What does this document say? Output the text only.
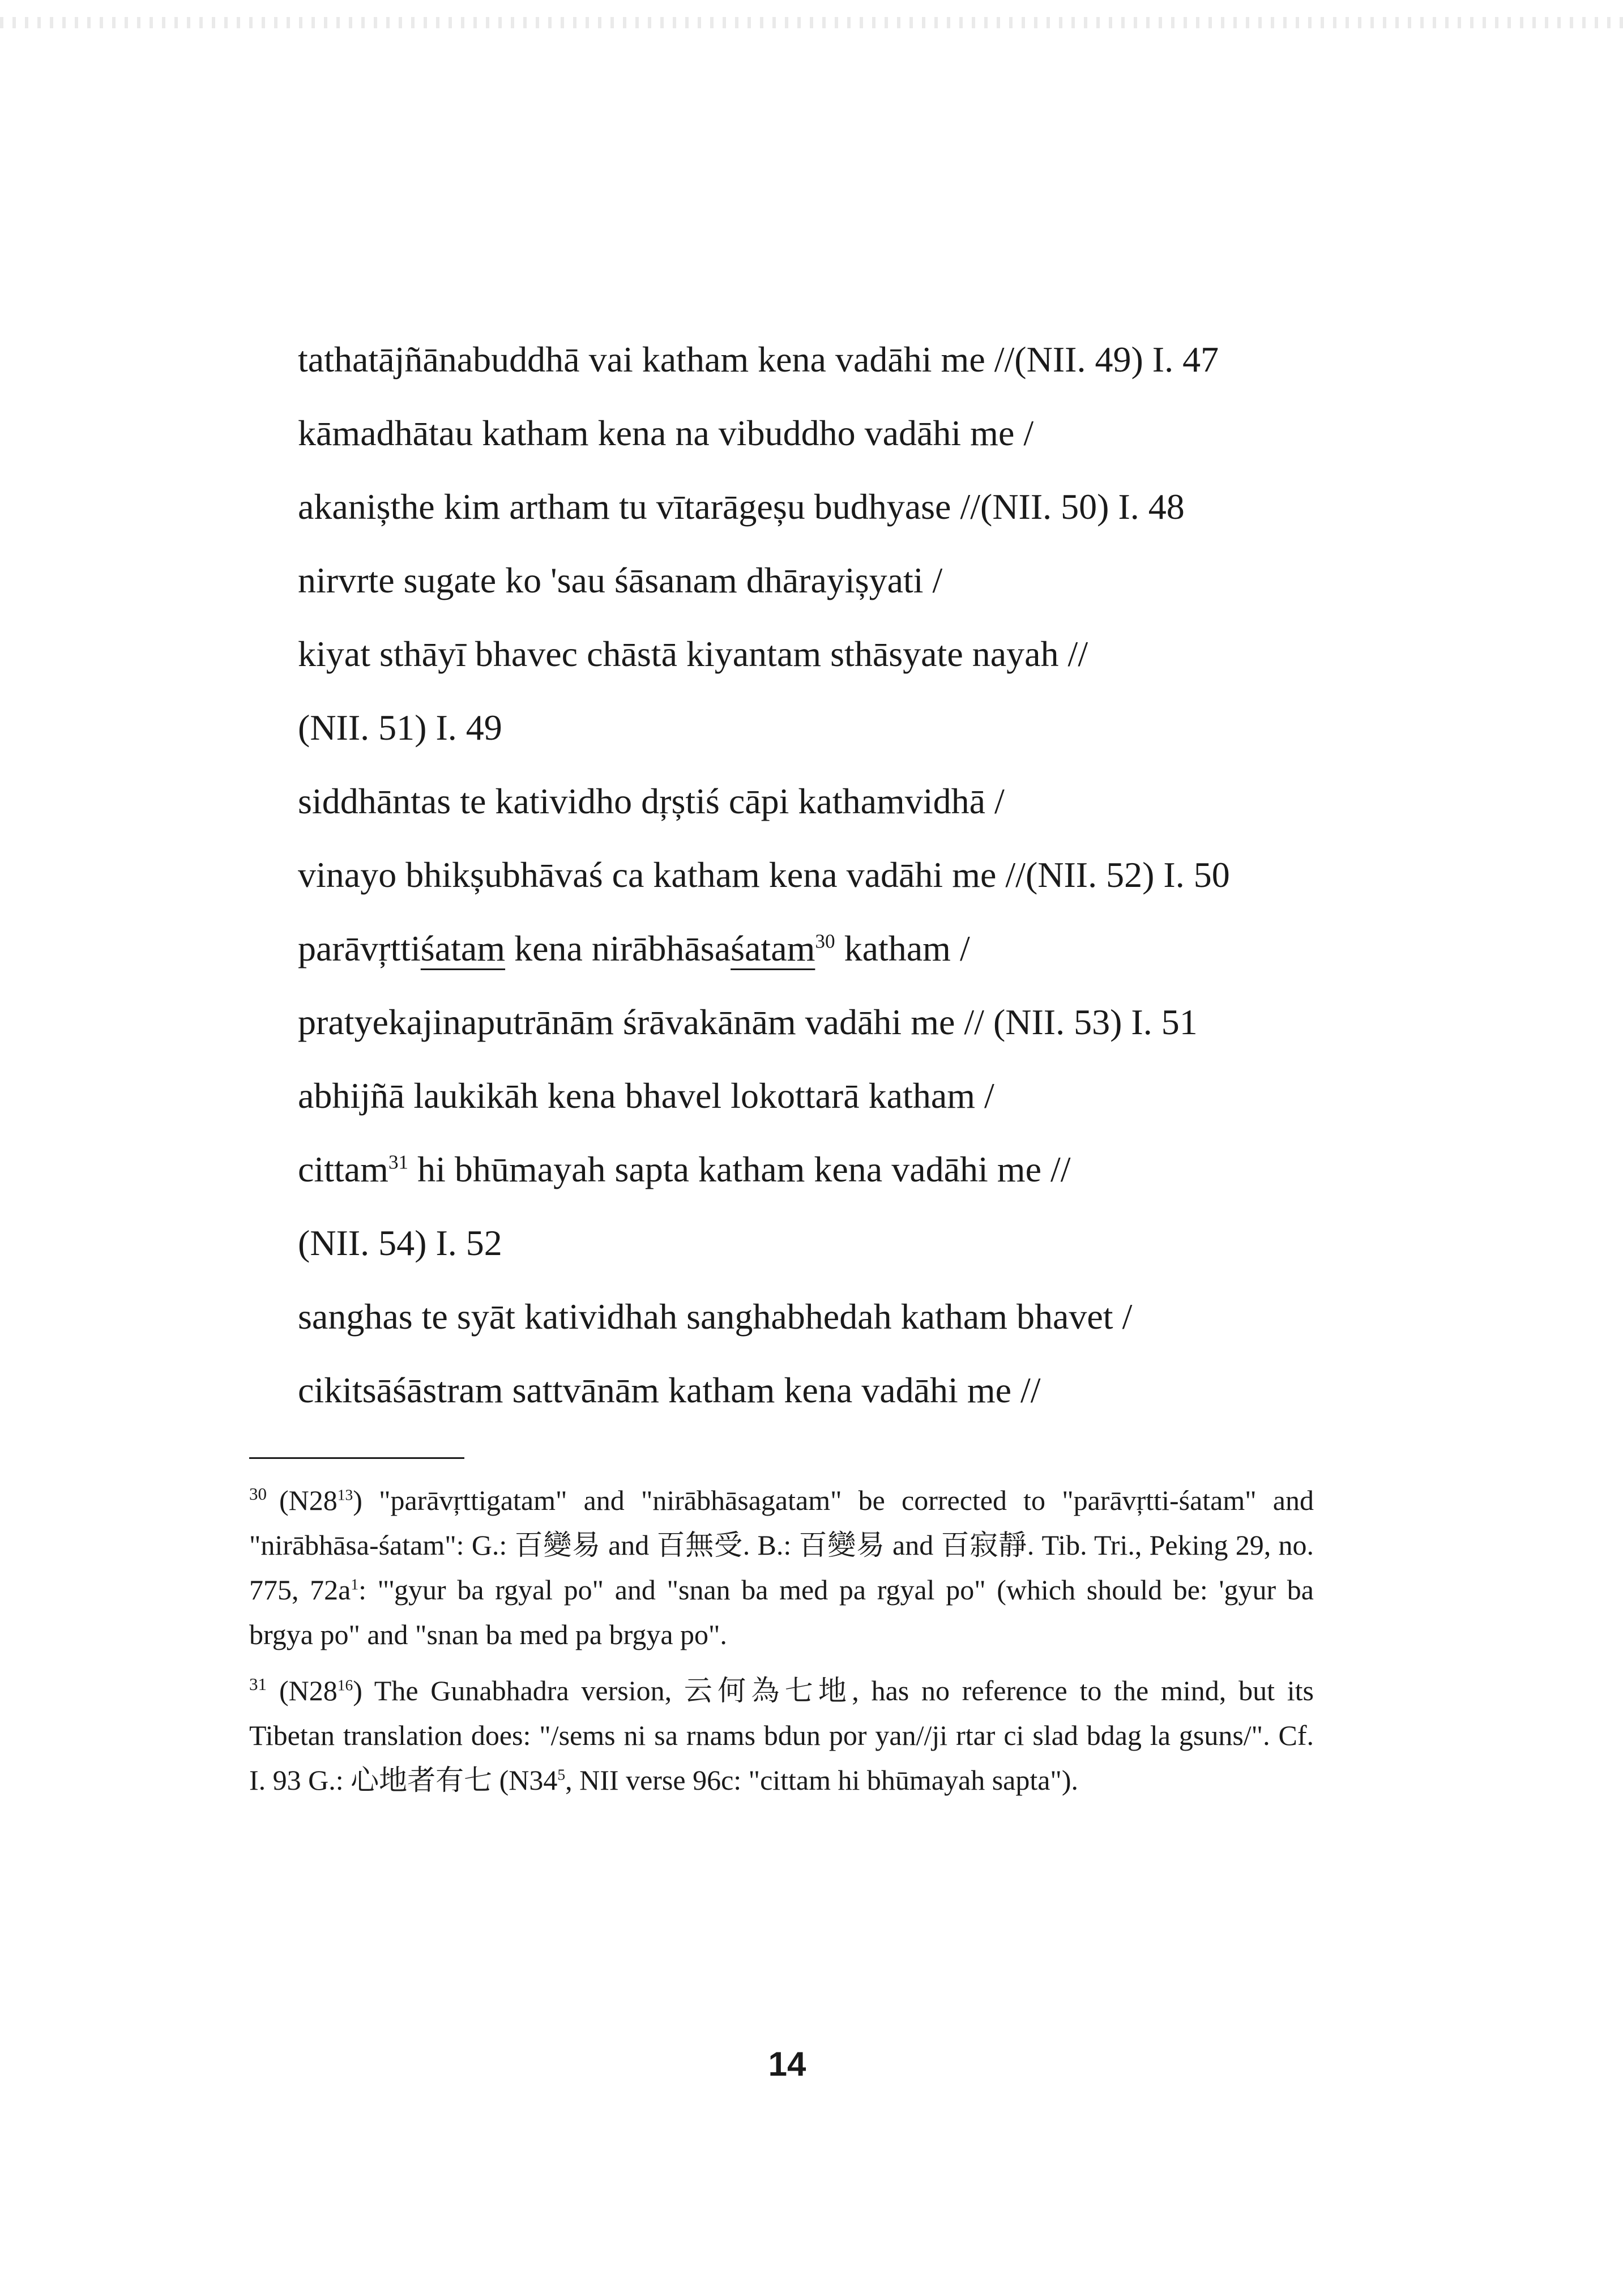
tathatājñānabuddhā vai katham kena vadāhi me //(NII. 49) I. 47
kāmadhātau katham kena na vibuddho vadāhi me /
akanișthe kim artham tu vītarāgeșu budhyase //(NII. 50) I. 48
nirvrte sugate ko 'sau śāsanam dhārayișyati /
kiyat sthāyī bhavec chāstā kiyantam sthāsyate nayah //
(NII. 51) I. 49
siddhāntas te katividho dŗștiś cāpi kathamvidhā /
vinayo bhikșubhāvaś ca katham kena vadāhi me //(NII. 52) I. 50
parāvŗttiśatam kena nirābhāsaśatam$^{30}$ katham /
pratyekajinaputrānām śrāvakānām vadāhi me // (NII. 53) I. 51
abhijñā laukikāh kena bhavel lokottarā katham /
cittam$^{31}$ hi bhūmayah sapta katham kena vadāhi me //
(NII. 54) I. 52
sanghas te syāt katividhah sanghabhedah katham bhavet /
cikitsāśāstram sattvānām katham kena vadāhi me //

$^{30}$ $(N28^{13})$ "parāvŗttigatam" and "nirābhāsagatam" be corrected to "parāvŗtti-śatam" and "nirābhāsa-śatam": G.: 百變易 and 百無受. B.: 百變易 and 百寂靜. Tib. Tri., Peking 29, no. 775, $72a^1$: "'gyur ba rgyal po" and "snan ba med pa rgyal po" (which should be: 'gyur ba brgya po" and "snan ba med pa brgya po".

$^{31}$ $(N28^{16})$ The Gunabhadra version, 云何為七地, has no reference to the mind, but its Tibetan translation does: "/sems ni sa rnams bdun por yan//ji rtar ci slad bdag la gsuns/". Cf. I. 93 G.: 心地者有七 ($N34^5$, NII verse 96c: "cittam hi bhūmayah sapta").

14
